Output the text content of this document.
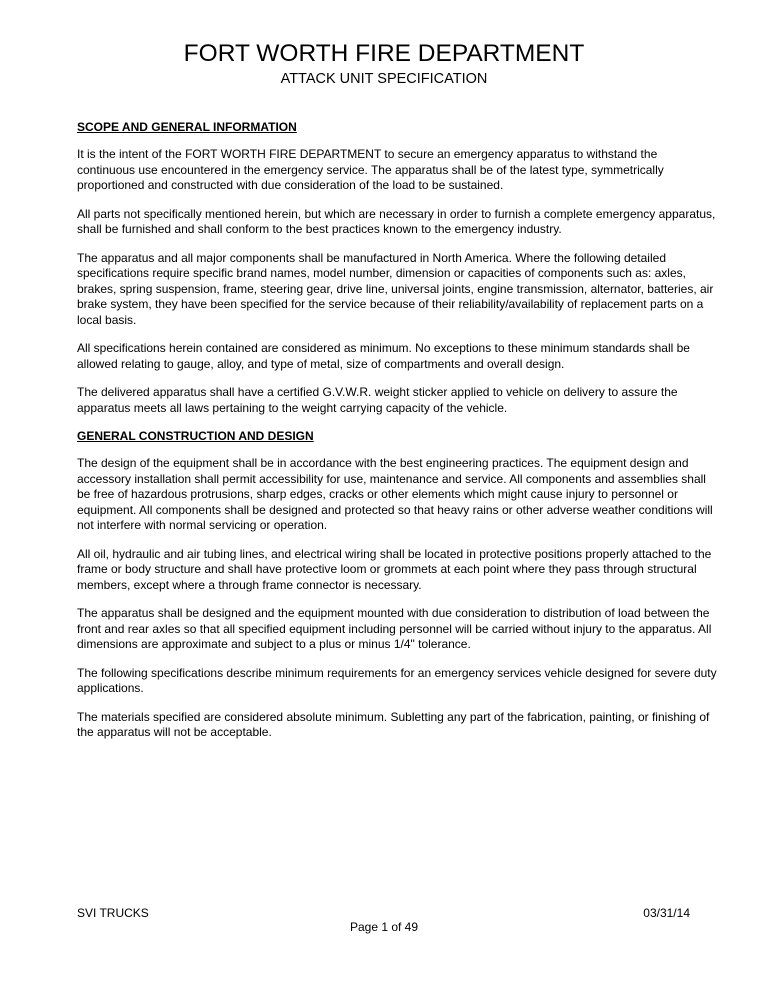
FORT WORTH FIRE DEPARTMENT
ATTACK UNIT SPECIFICATION

SCOPE AND GENERAL INFORMATION

It is the intent of the FORT WORTH FIRE DEPARTMENT to secure an emergency apparatus to withstand the continuous use encountered in the emergency service. The apparatus shall be of the latest type, symmetrically proportioned and constructed with due consideration of the load to be sustained.

All parts not specifically mentioned herein, but which are necessary in order to furnish a complete emergency apparatus, shall be furnished and shall conform to the best practices known to the emergency industry.

The apparatus and all major components shall be manufactured in North America. Where the following detailed specifications require specific brand names, model number, dimension or capacities of components such as: axles, brakes, spring suspension, frame, steering gear, drive line, universal joints, engine transmission, alternator, batteries, air brake system, they have been specified for the service because of their reliability/availability of replacement parts on a local basis.

All specifications herein contained are considered as minimum. No exceptions to these minimum standards shall be allowed relating to gauge, alloy, and type of metal, size of compartments and overall design.

The delivered apparatus shall have a certified G.V.W.R. weight sticker applied to vehicle on delivery to assure the apparatus meets all laws pertaining to the weight carrying capacity of the vehicle.

GENERAL CONSTRUCTION AND DESIGN

The design of the equipment shall be in accordance with the best engineering practices. The equipment design and accessory installation shall permit accessibility for use, maintenance and service. All components and assemblies shall be free of hazardous protrusions, sharp edges, cracks or other elements which might cause injury to personnel or equipment. All components shall be designed and protected so that heavy rains or other adverse weather conditions will not interfere with normal servicing or operation.

All oil, hydraulic and air tubing lines, and electrical wiring shall be located in protective positions properly attached to the frame or body structure and shall have protective loom or grommets at each point where they pass through structural members, except where a through frame connector is necessary.

The apparatus shall be designed and the equipment mounted with due consideration to distribution of load between the front and rear axles so that all specified equipment including personnel will be carried without injury to the apparatus. All dimensions are approximate and subject to a plus or minus 1/4" tolerance.

The following specifications describe minimum requirements for an emergency services vehicle designed for severe duty applications.

The materials specified are considered absolute minimum. Subletting any part of the fabrication, painting, or finishing of the apparatus will not be acceptable.

SVI TRUCKS	03/31/14
Page 1 of 49
